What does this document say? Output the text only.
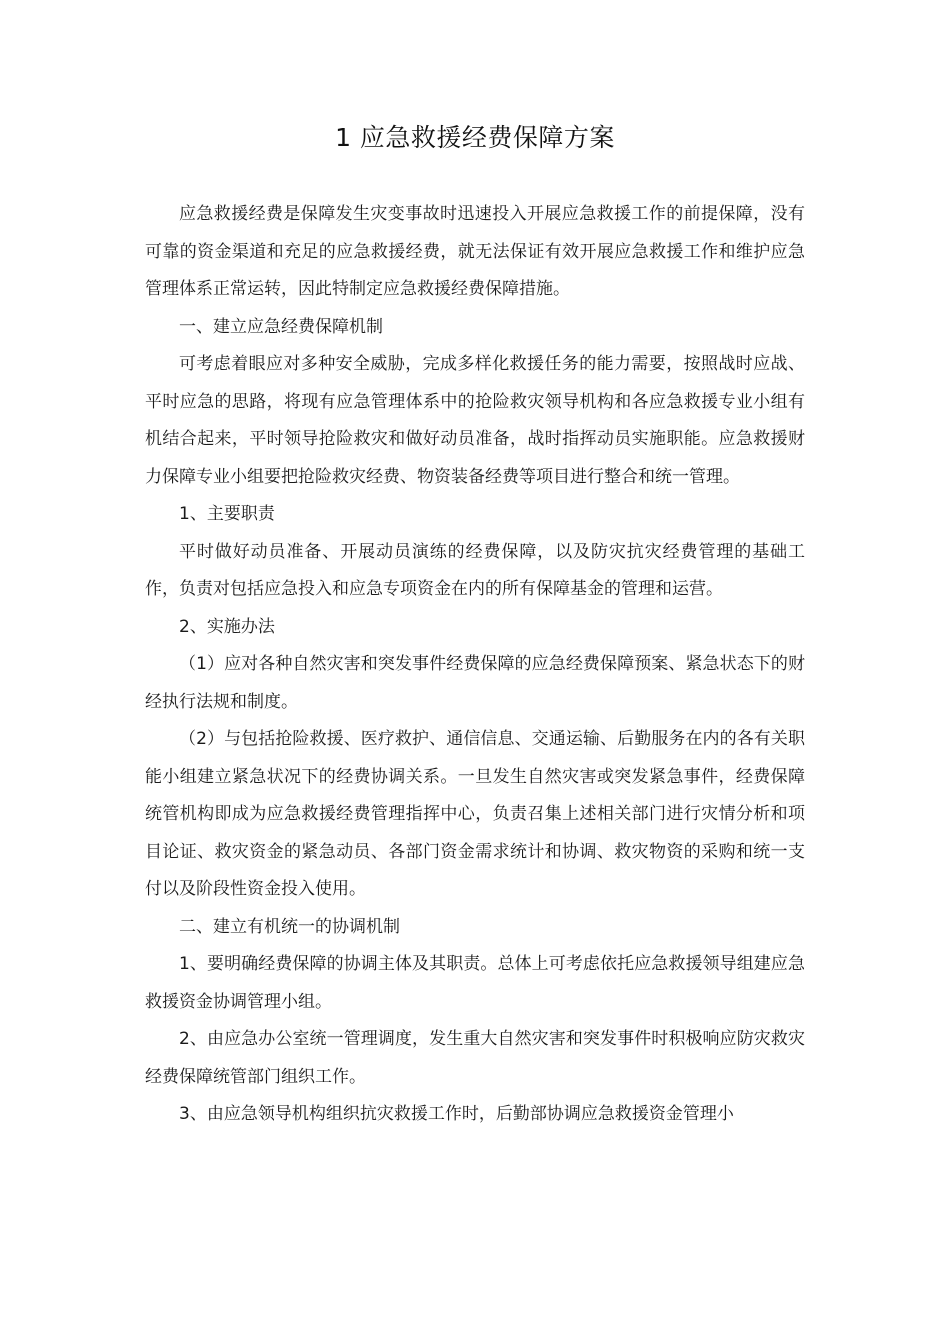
1 应急救援经费保障方案

应急救援经费是保障发生灾变事故时迅速投入开展应急救援工作的前提保障，没有可靠的资金渠道和充足的应急救援经费，就无法保证有效开展应急救援工作和维护应急管理体系正常运转，因此特制定应急救援经费保障措施。

一、建立应急经费保障机制

可考虑着眼应对多种安全威胁，完成多样化救援任务的能力需要，按照战时应战、平时应急的思路，将现有应急管理体系中的抢险救灾领导机构和各应急救援专业小组有机结合起来，平时领导抢险救灾和做好动员准备，战时指挥动员实施职能。应急救援财力保障专业小组要把抢险救灾经费、物资装备经费等项目进行整合和统一管理。

1、主要职责

平时做好动员准备、开展动员演练的经费保障，以及防灾抗灾经费管理的基础工作，负责对包括应急投入和应急专项资金在内的所有保障基金的管理和运营。

2、实施办法

（1）应对各种自然灾害和突发事件经费保障的应急经费保障预案、紧急状态下的财经执行法规和制度。

（2）与包括抢险救援、医疗救护、通信信息、交通运输、后勤服务在内的各有关职能小组建立紧急状况下的经费协调关系。一旦发生自然灾害或突发紧急事件，经费保障统管机构即成为应急救援经费管理指挥中心，负责召集上述相关部门进行灾情分析和项目论证、救灾资金的紧急动员、各部门资金需求统计和协调、救灾物资的采购和统一支付以及阶段性资金投入使用。

二、建立有机统一的协调机制

1、要明确经费保障的协调主体及其职责。总体上可考虑依托应急救援领导组建应急救援资金协调管理小组。

2、由应急办公室统一管理调度，发生重大自然灾害和突发事件时积极响应防灾救灾经费保障统管部门组织工作。

3、由应急领导机构组织抗灾救援工作时，后勤部协调应急救援资金管理小
